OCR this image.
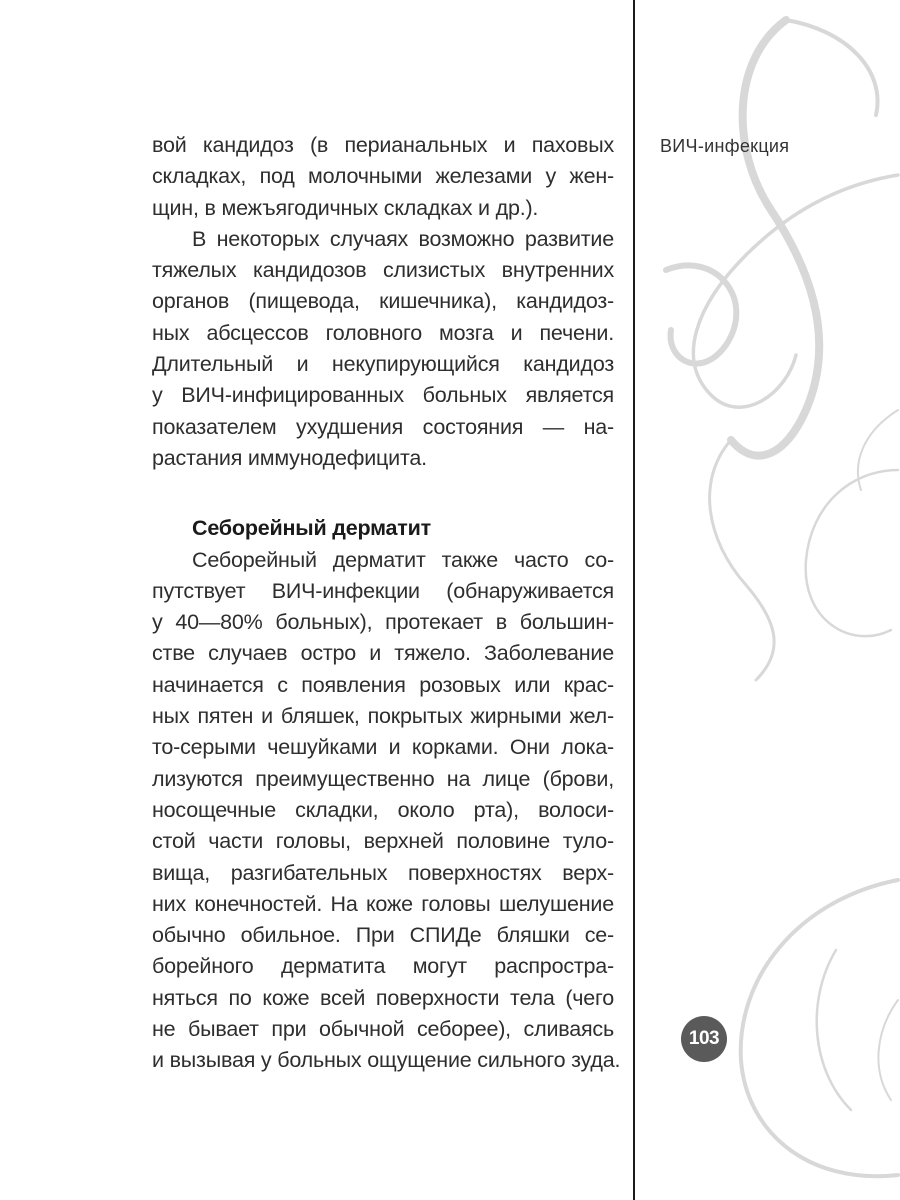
ВИЧ-инфекция
вой кандидоз (в перианальных и паховых
складках, под молочными железами у жен-
щин, в межъягодичных складках и др.).
В некоторых случаях возможно развитие
тяжелых кандидозов слизистых внутренних
органов (пищевода, кишечника), кандидоз-
ных абсцессов головного мозга и печени.
Длительный и некупирующийся кандидоз
у ВИЧ-инфицированных больных является
показателем ухудшения состояния — на-
растания иммунодефицита.
Себорейный дерматит
Себорейный дерматит также часто со-
путствует ВИЧ-инфекции (обнаруживается
у 40—80% больных), протекает в большин-
стве случаев остро и тяжело. Заболевание
начинается с появления розовых или крас-
ных пятен и бляшек, покрытых жирными жел-
то-серыми чешуйками и корками. Они лока-
лизуются преимущественно на лице (брови,
носощечные складки, около рта), волоси-
стой части головы, верхней половине туло-
вища, разгибательных поверхностях верх-
них конечностей. На коже головы шелушение
обычно обильное. При СПИДе бляшки се-
борейного дерматита могут распростра-
няться по коже всей поверхности тела (чего
не бывает при обычной себорее), сливаясь
и вызывая у больных ощущение сильного зуда.
103
